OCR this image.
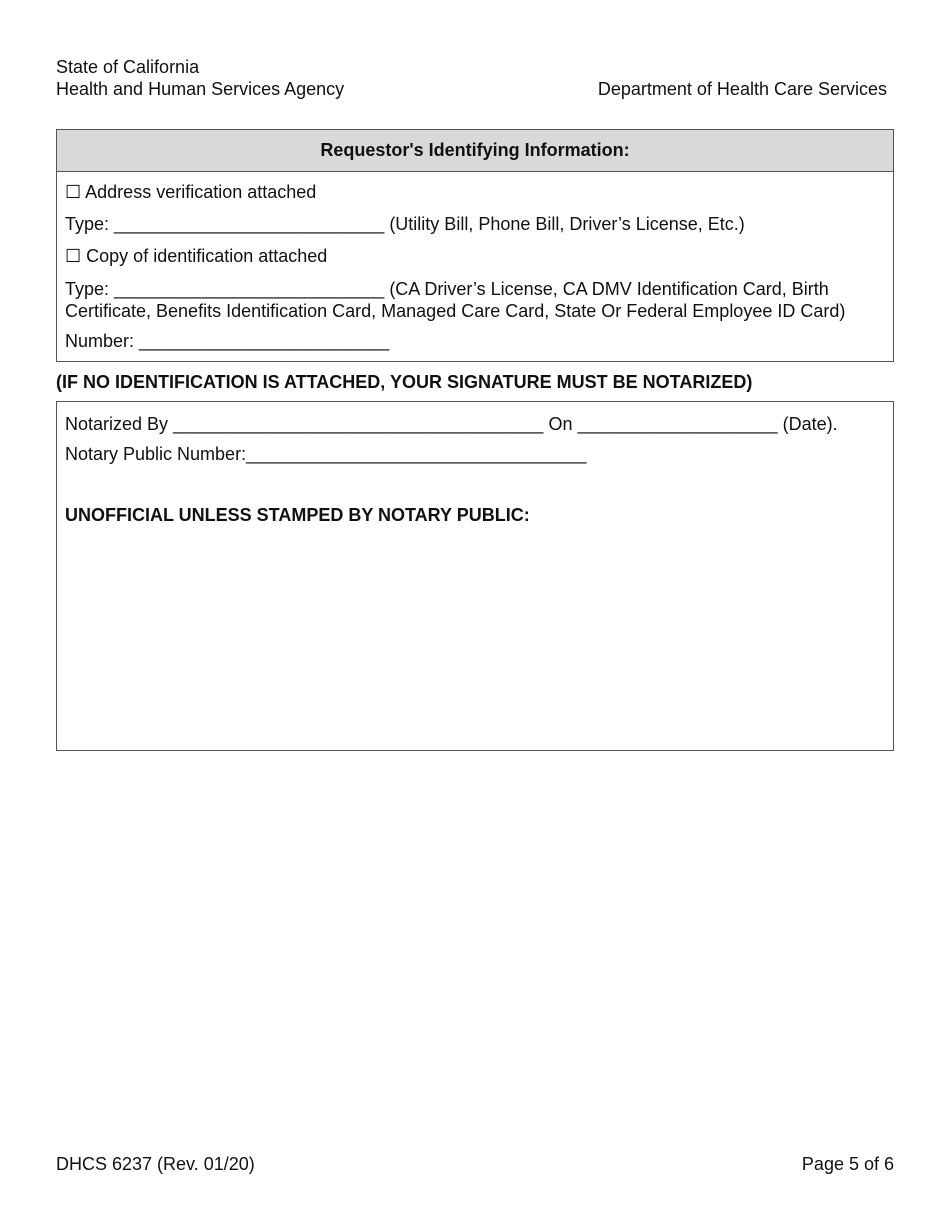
State of California
Health and Human Services Agency	Department of Health Care Services
Requestor's Identifying Information:
☐ Address verification attached
Type: ___________________________ (Utility Bill, Phone Bill, Driver’s License, Etc.)
☐ Copy of identification attached
Type: ___________________________ (CA Driver’s License, CA DMV Identification Card, Birth
Certificate, Benefits Identification Card, Managed Care Card, State Or Federal Employee ID Card)
Number: _________________________
(IF NO IDENTIFICATION IS ATTACHED, YOUR SIGNATURE MUST BE NOTARIZED)
Notarized By _____________________________________ On ____________________ (Date).
Notary Public Number:__________________________________
UNOFFICIAL UNLESS STAMPED BY NOTARY PUBLIC:
DHCS 6237 (Rev. 01/20)	Page 5 of 6
